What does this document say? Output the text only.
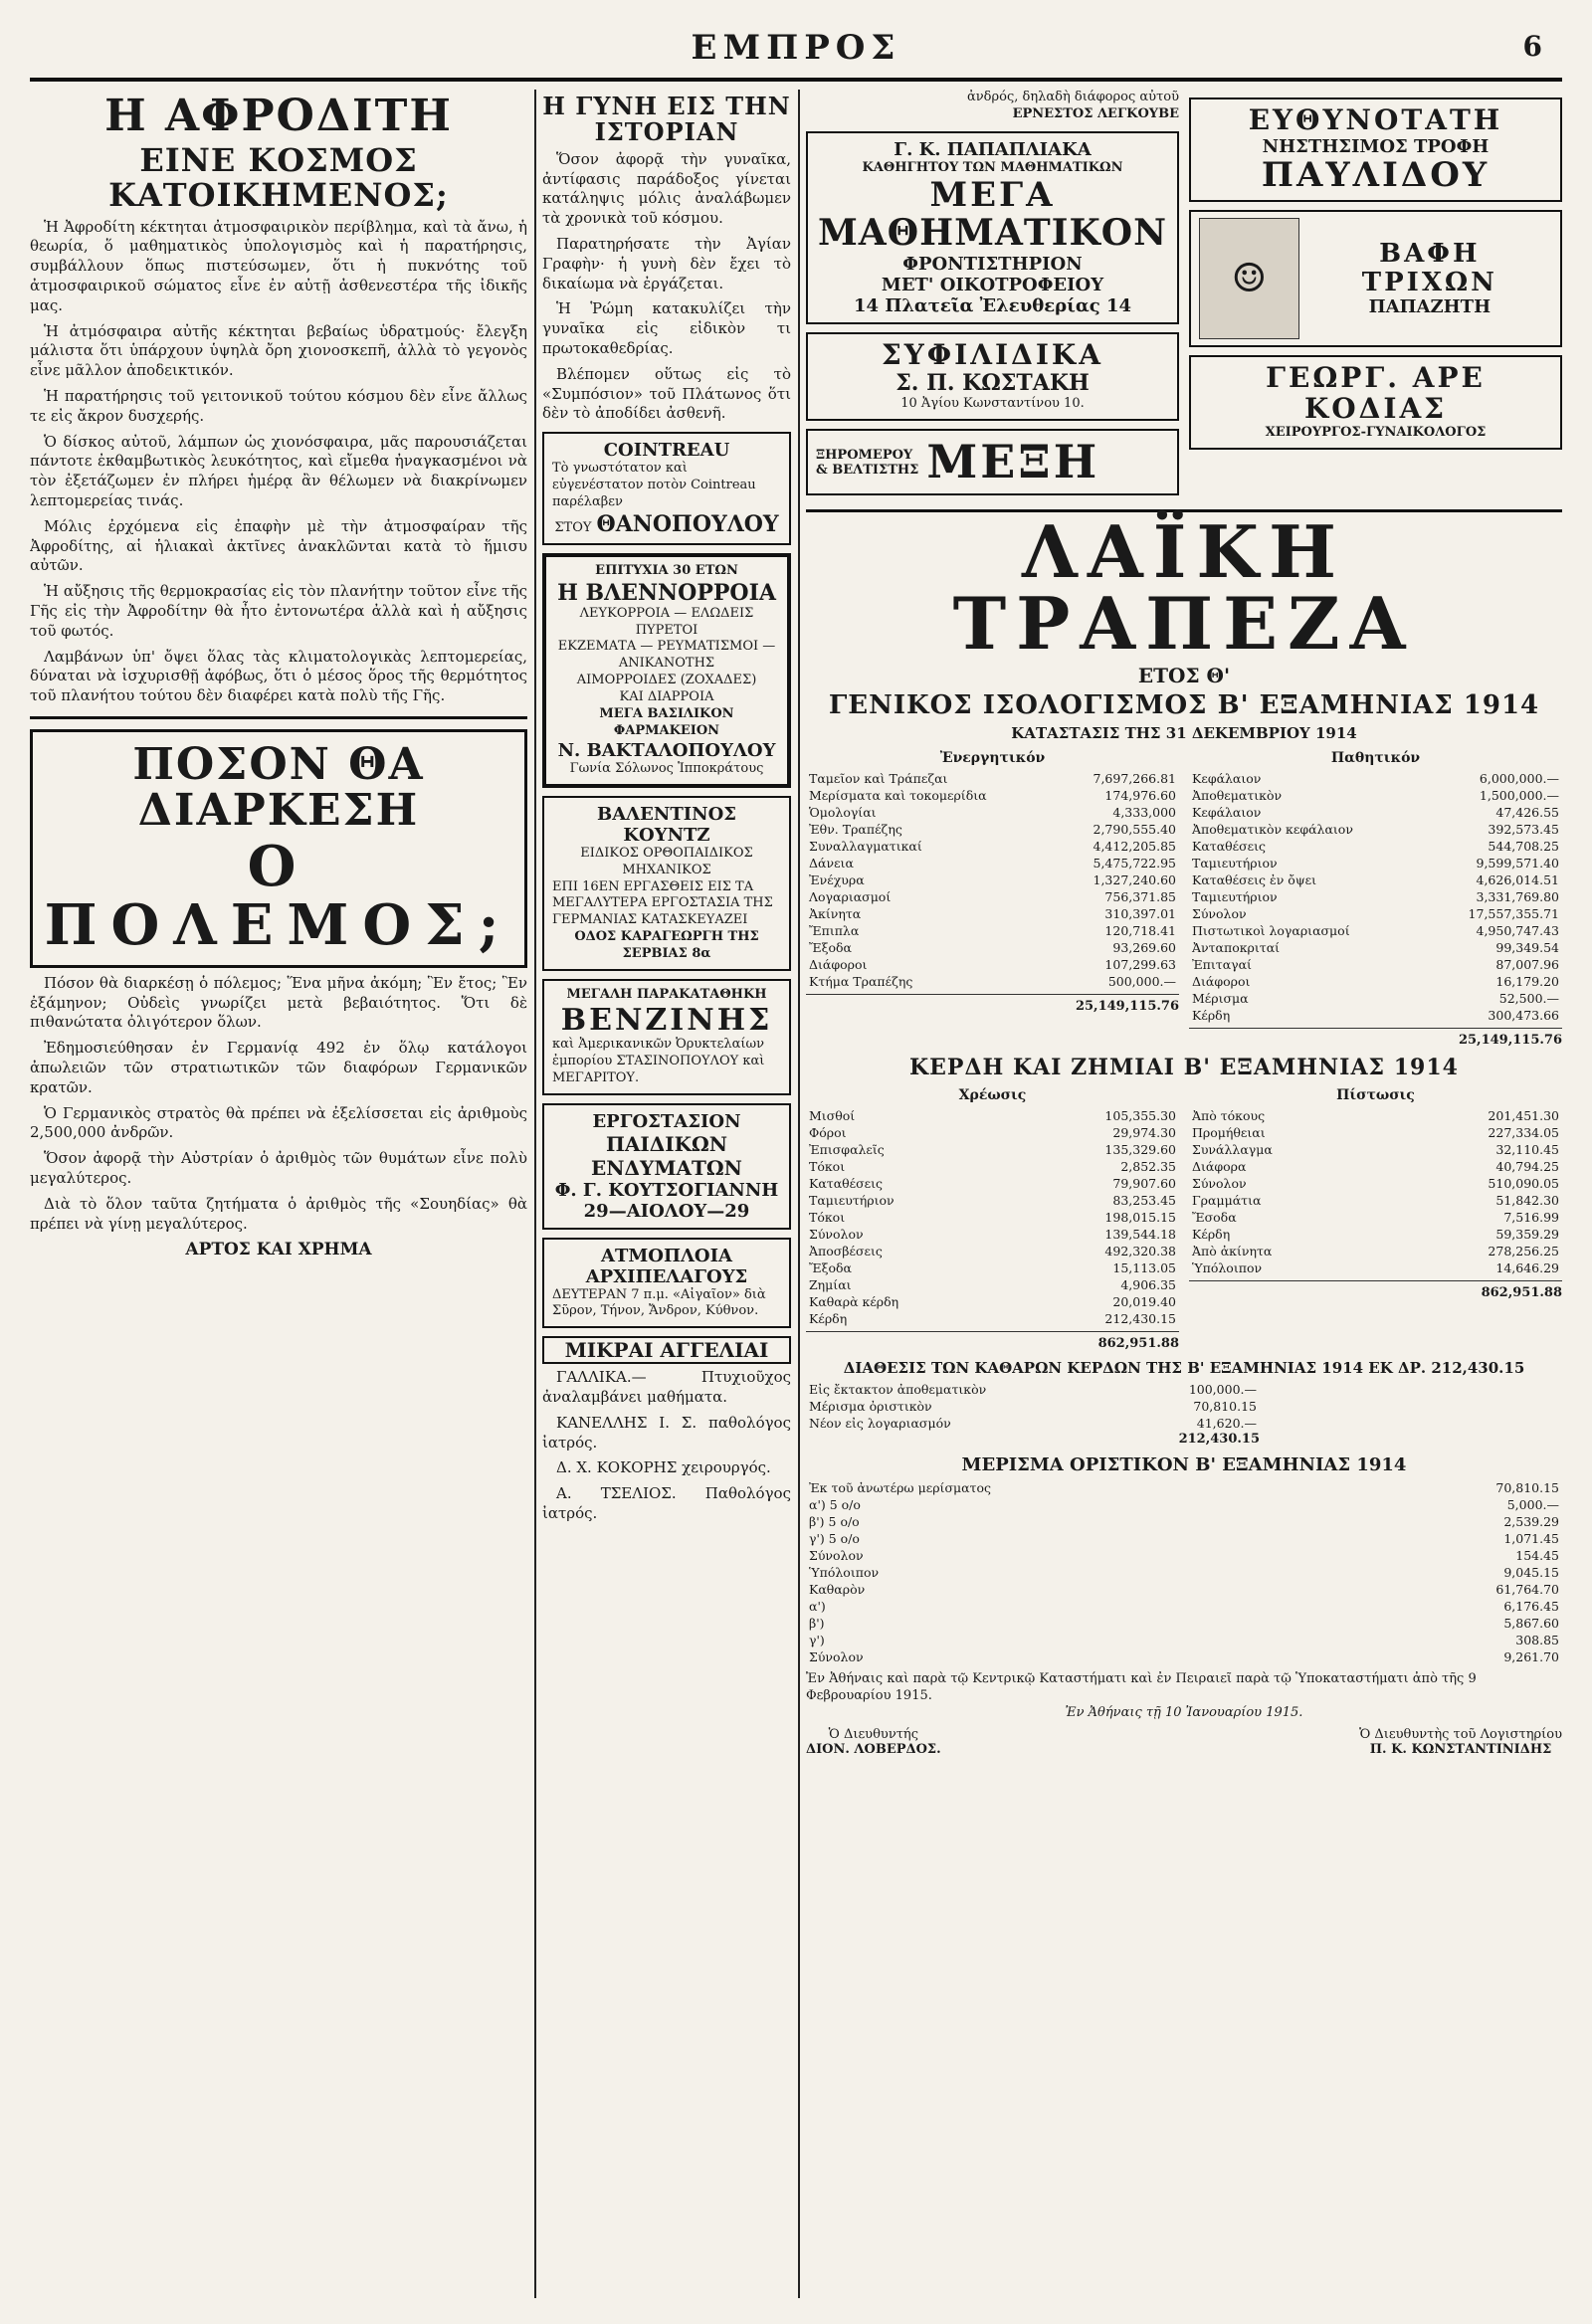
ΕΜΠΡΟΣ	6
Η ΑΦΡΟΔΙΤΗ
ΕΙΝΕ ΚΟΣΜΟΣ ΚΑΤΟΙΚΗΜΕΝΟΣ;

Ἡ Ἀφροδίτη κέκτηται ἀτμοσφαιρικὸν περίβλημα, καὶ τὰ ἄνω, ἡ θεωρία, ὅ μαθηματικὸς ὑπολογισμὸς καὶ ἡ παρατήρησις, συμβάλλουν ὅπως πιστεύσωμεν, ὅτι ἡ πυκνότης τοῦ ἀτμοσφαιρικοῦ σώματος εἶνε ἐν αὐτῇ ἀσθενεστέρα τῆς ἰδικῆς μας.

Ἡ ἀτμόσφαιρα αὐτῆς κέκτηται βεβαίως ὑδρατμούς· ἔλεγξη μάλιστα ὅτι ὑπάρχουν ὑψηλὰ ὄρη χιονοσκεπῆ, ἀλλὰ τὸ γεγονὸς εἶνε μᾶλλον ἀποδεικτικόν.

Ἡ παρατήρησις τοῦ γειτονικοῦ τούτου κόσμου δὲν εἶνε ἄλλως τε εἰς ἄκρον δυσχερής.

Ὁ δίσκος αὐτοῦ, λάμπων ὡς χιονόσφαιρα, μᾶς παρουσιάζεται πάντοτε ἐκθαμβωτικὸς λευκότητος, καὶ εἴμεθα ἠναγκασμένοι νὰ τὸν ἐξετάζωμεν ἐν πλήρει ἡμέρᾳ ἂν θέλωμεν νὰ διακρίνωμεν λεπτομερείας τινάς.

Μόλις ἐρχόμενα εἰς ἐπαφὴν μὲ τὴν ἀτμοσφαίραν τῆς Ἀφροδίτης, αἱ ἡλιακαὶ ἀκτῖνες ἀνακλῶνται κατὰ τὸ ἥμισυ αὐτῶν.

Ἡ αὔξησις τῆς θερμοκρασίας εἰς τὸν πλανήτην τοῦτον εἶνε τῆς Γῆς εἰς τὴν Ἀφροδίτην θὰ ἦτο ἐντονωτέρα ἀλλὰ καὶ ἡ αὔξησις τοῦ φωτός.

Λαμβάνων ὑπ' ὄψει ὅλας τὰς κλιματολογικὰς λεπτομερείας, δύναται νὰ ἰσχυρισθῇ ἀφόβως, ὅτι ὁ μέσος ὅρος τῆς θερμότητος τοῦ πλανήτου τούτου δὲν διαφέρει κατὰ πολὺ τῆς Γῆς.

ΠΟΣΟΝ ΘΑ ΔΙΑΡΚΕΣΗ
Ο ΠΟΛΕΜΟΣ;

Πόσον θὰ διαρκέσῃ ὁ πόλεμος; Ἕνα μῆνα ἀκόμη; Ἓν ἔτος; Ἓν ἐξάμηνον; Οὐδεὶς γνωρίζει μετὰ βεβαιότητος. Ὅτι δὲ πιθανώτατα ὀλιγότερον ὅλων.

Ἐδημοσιεύθησαν ἐν Γερμανίᾳ 492 ἐν ὅλῳ κατάλογοι ἀπωλειῶν τῶν στρατιωτικῶν τῶν διαφόρων Γερμανικῶν κρατῶν.

Ὁ Γερμανικὸς στρατὸς θὰ πρέπει νὰ ἐξελίσσεται εἰς ἀριθμοὺς 2,500,000 ἀνδρῶν.

Ὅσον ἀφορᾷ τὴν Αὐστρίαν ὁ ἀριθμὸς τῶν θυμάτων εἶνε πολὺ μεγαλύτερος.

Διὰ τὸ ὅλον ταῦτα ζητήματα ὁ ἀριθμὸς τῆς «Σουηδίας» θὰ πρέπει νὰ γίνῃ μεγαλύτερος.

ΑΡΤΟΣ ΚΑΙ ΧΡΗΜΑ
Η ΓΥΝΗ ΕΙΣ ΤΗΝ ΙΣΤΟΡΙΑΝ

Ὅσον ἀφορᾷ τὴν γυναῖκα, ἀντίφασις παράδοξος γίνεται κατάληψις μόλις ἀναλάβωμεν τὰ χρονικὰ τοῦ κόσμου.

Παρατηρήσατε τὴν Ἀγίαν Γραφὴν· ἡ γυνὴ δὲν ἔχει τὸ δικαίωμα νὰ ἐργάζεται.

Ἡ Ῥώμη κατακυλίζει τὴν γυναῖκα εἰς εἰδικὸν τι πρωτοκαθεδρίας.

Βλέπομεν οὕτως εἰς τὸ «Συμπόσιον» τοῦ Πλάτωνος ὅτι δὲν τὸ ἀποδίδει ἀσθενῆ.

COINTREAU
Τὸ γνωστότατον καὶ εὐγενέστατον ποτὸν Cointreau παρέλαβεν
ΣΤΟΥ ΘΑΝΟΠΟΥΛΟΥ
ΕΠΙΤΥΧΙΑ 30 ΕΤΩΝ
Η ΒΛΕΝΝΟΡΡΟΙΑ
ΛΕΥΚΟΡΡΟΙΑ — ΕΛΩΔΕΙΣ ΠΥΡΕΤΟΙ
ΕΚΖΕΜΑΤΑ — ΡΕΥΜΑΤΙΣΜΟΙ — ΑΝΙΚΑΝΟΤΗΣ
ΑΙΜΟΡΡΟΙΔΕΣ (ΖΟΧΑΔΕΣ)
ΚΑΙ ΔΙΑΡΡΟΙΑ
ΜΕΓΑ ΒΑΣΙΛΙΚΟΝ ΦΑΡΜΑΚΕΙΟΝ
Ν. ΒΑΚΤΑΛΟΠΟΥΛΟΥ
Γωνία Σόλωνος Ἱπποκράτους
ΒΑΛΕΝΤΙΝΟΣ ΚΟΥΝΤΖ
ΕΙΔΙΚΟΣ ΟΡΘΟΠΑΙΔΙΚΟΣ ΜΗΧΑΝΙΚΟΣ
ΕΠΙ 16ΕΝ ΕΡΓΑΣΘΕΙΣ ΕΙΣ ΤΑ ΜΕΓΑΛΥΤΕΡΑ ΕΡΓΟΣΤΑΣΙΑ ΤΗΣ ΓΕΡΜΑΝΙΑΣ ΚΑΤΑΣΚΕΥΑΖΕΙ
ΟΔΟΣ ΚΑΡΑΓΕΩΡΓΗ ΤΗΣ ΣΕΡΒΙΑΣ 8α
ΜΕΓΑΛΗ ΠΑΡΑΚΑΤΑΘΗΚΗ
ΒΕΝΖΙΝΗΣ
καὶ Ἀμερικανικῶν Ὀρυκτελαίων ἐμπορίου ΣΤΑΣΙΝΟΠΟΥΛΟΥ καὶ ΜΕΓΑΡΙΤΟΥ.
ΕΡΓΟΣΤΑΣΙΟΝ
ΠΑΙΔΙΚΩΝ ΕΝΔΥΜΑΤΩΝ
Φ. Γ. ΚΟΥΤΣΟΓΙΑΝΝΗ
29—ΑΙΟΛΟΥ—29
ΑΤΜΟΠΛΟΙΑ ΑΡΧΙΠΕΛΑΓΟΥΣ
ΔΕΥΤΕΡΑΝ 7 π.μ. «Αἰγαῖον» διὰ Σῦρον, Τήνον, Ἄνδρον, Κύθνον.
ΜΙΚΡΑΙ ΑΓΓΕΛΙΑΙ
ΓΑΛΛΙΚΑ.— Πτυχιοῦχος ἀναλαμβάνει μαθήματα.
ΚΑΝΕΛΛΗΣ Ι. Σ. παθολόγος ἰατρός.
Δ. Χ. ΚΟΚΟΡΗΣ χειρουργός.
Α. ΤΣΕΛΙΟΣ. Παθολόγος ἰατρός.
ἀνδρός, δηλαδὴ διάφορος αὐτοῦ
ΕΡΝΕΣΤΟΣ ΛΕΓΚΟΥΒΕ
Γ. Κ. ΠΑΠΑΠΛΙΑΚΑ
ΚΑΘΗΓΗΤΟΥ ΤΩΝ ΜΑΘΗΜΑΤΙΚΩΝ
ΜΕΓΑ
ΜΑΘΗΜΑΤΙΚΟΝ
ΦΡΟΝΤΙΣΤΗΡΙΟΝ
ΜΕΤ' ΟΙΚΟΤΡΟΦΕΙΟΥ
14 Πλατεῖα Ἐλευθερίας 14
ΣΥΦΙΛΙΔΙΚΑ
Σ. Π. ΚΩΣΤΑΚΗ
10 Ἀγίου Κωνσταντίνου 10.
ΞΗΡΟΜΕΡΟΥ
& ΒΕΛΤΙΣΤΗΣ ΜΕΞΗ
ΕΥΘΥΝΟΤΑΤΗ
ΝΗΣΤΗΣΙΜΟΣ ΤΡΟΦΗ
ΠΑΥΛΙΔΟΥ
☺
ΒΑΦΗ ΤΡΙΧΩΝ
ΠΑΠΑΖΗΤΗ
ΓΕΩΡΓ. ΑΡΕ ΚΟΔΙΑΣ
ΧΕΙΡΟΥΡΓΟΣ-ΓΥΝΑΙΚΟΛΟΓΟΣ
ΛΑΪΚΗ ΤΡΑΠΕΖΑ
ΕΤΟΣ Θ'
ΓΕΝΙΚΟΣ ΙΣΟΛΟΓΙΣΜΟΣ Β' ΕΞΑΜΗΝΙΑΣ 1914
ΚΑΤΑΣΤΑΣΙΣ ΤΗΣ 31 ΔΕΚΕΜΒΡΙΟΥ 1914
Ἐνεργητικόν
Ταμεῖον καὶ Τράπεζαι	7,697,266.81
Μερίσματα καὶ τοκομερίδια	174,976.60
Ὁμολογίαι	4,333,000
Ἐθν. Τραπέζης	2,790,555.40
Συναλλαγματικαί	4,412,205.85
Δάνεια	5,475,722.95
Ἐνέχυρα	1,327,240.60
Λογαριασμοί	756,371.85
Ἀκίνητα	310,397.01
Ἔπιπλα	120,718.41
Ἔξοδα	93,269.60
Διάφοροι	107,299.63
Κτήμα Τραπέζης	500,000.—
25,149,115.76
Παθητικόν
Κεφάλαιον	6,000,000.—
Ἀποθεματικὸν	1,500,000.—
Κεφάλαιον	47,426.55
Ἀποθεματικὸν κεφάλαιον	392,573.45
Καταθέσεις	544,708.25
Ταμιευτήριον	9,599,571.40
Καταθέσεις ἐν ὄψει	4,626,014.51
Ταμιευτήριον	3,331,769.80
Σύνολον	17,557,355.71
Πιστωτικοὶ λογαριασμοί	4,950,747.43
Ἀνταποκριταί	99,349.54
Ἐπιταγαί	87,007.96
Διάφοροι	16,179.20
Μέρισμα	52,500.—
Κέρδη	300,473.66
25,149,115.76
ΚΕΡΔΗ ΚΑΙ ΖΗΜΙΑΙ Β' ΕΞΑΜΗΝΙΑΣ 1914
Χρέωσις
Μισθοί	105,355.30
Φόροι	29,974.30
Ἐπισφαλεῖς	135,329.60
Τόκοι	2,852.35
Καταθέσεις	79,907.60
Ταμιευτήριον	83,253.45
Τόκοι	198,015.15
Σύνολον	139,544.18
Ἀποσβέσεις	492,320.38
Ἔξοδα	15,113.05
Ζημίαι	4,906.35
Καθαρὰ κέρδη	20,019.40
Κέρδη	212,430.15
862,951.88
Πίστωσις
Ἀπὸ τόκους	201,451.30
Προμήθειαι	227,334.05
Συνάλλαγμα	32,110.45
Διάφορα	40,794.25
Σύνολον	510,090.05
Γραμμάτια	51,842.30
Ἔσοδα	7,516.99
Κέρδη	59,359.29
Ἀπὸ ἀκίνητα	278,256.25
Ὑπόλοιπον	14,646.29
862,951.88
ΔΙΑΘΕΣΙΣ ΤΩΝ ΚΑΘΑΡΩΝ ΚΕΡΔΩΝ ΤΗΣ Β' ΕΞΑΜΗΝΙΑΣ 1914 ΕΚ ΔΡ. 212,430.15
Εἰς ἔκτακτον ἀποθεματικὸν	100,000.—
Μέρισμα ὀριστικὸν	70,810.15
Νέον εἰς λογαριασμόν	41,620.—
212,430.15
ΜΕΡΙΣΜΑ ΟΡΙΣΤΙΚΟΝ Β' ΕΞΑΜΗΝΙΑΣ 1914
Ἐκ τοῦ ἀνωτέρω μερίσματος	70,810.15
α') 5 ο/ο	5,000.—
β') 5 ο/ο	2,539.29
γ') 5 ο/ο	1,071.45
Σύνολον	154.45
Ὑπόλοιπον	9,045.15
Καθαρὸν	61,764.70
α')	6,176.45
β')	5,867.60
γ')	308.85
Σύνολον	9,261.70
Ἐν Ἀθήναις καὶ παρὰ τῷ Κεντρικῷ Καταστήματι καὶ ἐν Πειραιεῖ παρὰ τῷ Ὑποκαταστήματι ἀπὸ τῆς 9 Φεβρουαρίου 1915.
Ἐν Ἀθήναις τῇ 10 Ἰανουαρίου 1915.
Ὁ Διευθυντής
ΔΙΟΝ. ΛΟΒΕΡΔΟΣ.
Ὁ Διευθυντὴς τοῦ Λογιστηρίου
Π. Κ. ΚΩΝΣΤΑΝΤΙΝΙΔΗΣ
